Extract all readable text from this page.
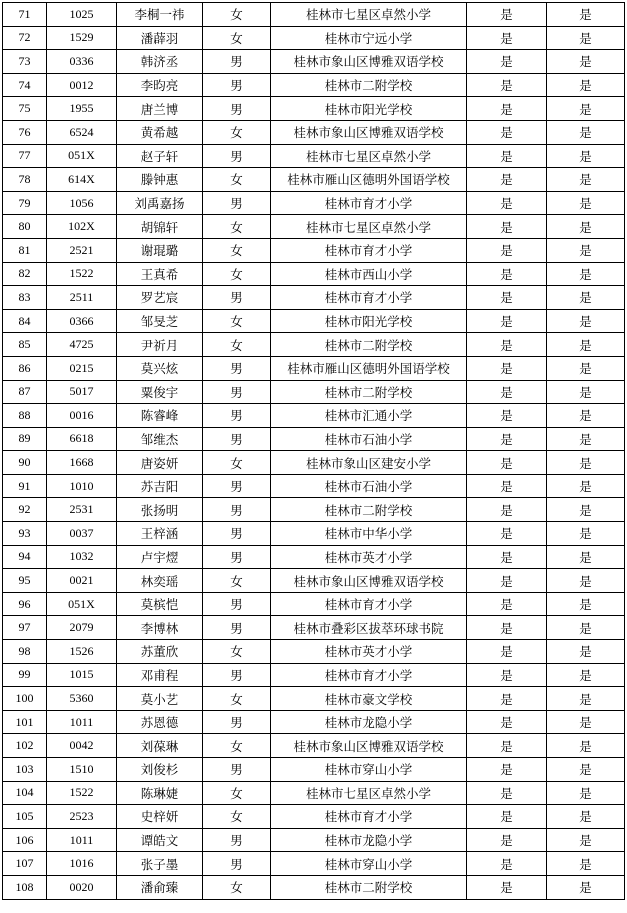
71	1025	李桐一祎	女	桂林市七星区卓然小学	是	是
72	1529	潘薜羽	女	桂林市宁远小学	是	是
73	0336	韩济丞	男	桂林市象山区博雅双语学校	是	是
74	0012	李昀亮	男	桂林市二附学校	是	是
75	1955	唐兰博	男	桂林市阳光学校	是	是
76	6524	黄希越	女	桂林市象山区博雅双语学校	是	是
77	051X	赵子轩	男	桂林市七星区卓然小学	是	是
78	614X	滕钟惠	女	桂林市雁山区德明外国语学校	是	是
79	1056	刘禹嘉扬	男	桂林市育才小学	是	是
80	102X	胡锦轩	女	桂林市七星区卓然小学	是	是
81	2521	谢琨璐	女	桂林市育才小学	是	是
82	1522	王真希	女	桂林市西山小学	是	是
83	2511	罗艺宸	男	桂林市育才小学	是	是
84	0366	邹旻芝	女	桂林市阳光学校	是	是
85	4725	尹祈月	女	桂林市二附学校	是	是
86	0215	莫兴炫	男	桂林市雁山区德明外国语学校	是	是
87	5017	粟俊宇	男	桂林市二附学校	是	是
88	0016	陈睿峰	男	桂林市汇通小学	是	是
89	6618	邹维杰	男	桂林市石油小学	是	是
90	1668	唐姿妍	女	桂林市象山区建安小学	是	是
91	1010	苏吉阳	男	桂林市石油小学	是	是
92	2531	张扬明	男	桂林市二附学校	是	是
93	0037	王梓涵	男	桂林市中华小学	是	是
94	1032	卢宇熤	男	桂林市英才小学	是	是
95	0021	林奕瑶	女	桂林市象山区博雅双语学校	是	是
96	051X	莫槟恺	男	桂林市育才小学	是	是
97	2079	李博林	男	桂林市叠彩区拔萃环球书院	是	是
98	1526	苏董欣	女	桂林市英才小学	是	是
99	1015	邓甫程	男	桂林市育才小学	是	是
100	5360	莫小艺	女	桂林市豪文学校	是	是
101	1011	苏恩德	男	桂林市龙隐小学	是	是
102	0042	刘葆琳	女	桂林市象山区博雅双语学校	是	是
103	1510	刘俊杉	男	桂林市穿山小学	是	是
104	1522	陈琳婕	女	桂林市七星区卓然小学	是	是
105	2523	史梓妍	女	桂林市育才小学	是	是
106	1011	谭皓文	男	桂林市龙隐小学	是	是
107	1016	张子墨	男	桂林市穿山小学	是	是
108	0020	潘俞臻	女	桂林市二附学校	是	是
